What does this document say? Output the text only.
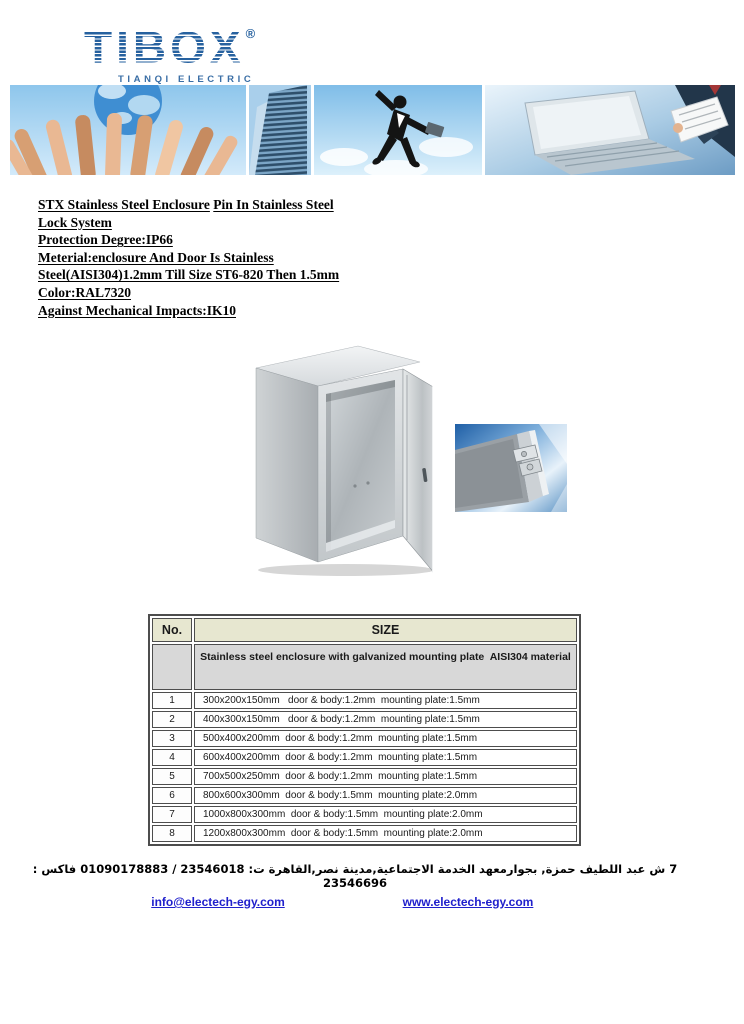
TIBOX ®
TIANQI ELECTRIC
STX Stainless Steel Enclosure Pin In Stainless Steel
Lock System
Protection Degree:IP66
Meterial:enclosure And Door Is Stainless
Steel(AISI304)1.2mm Till Size ST6-820 Then 1.5mm
Color:RAL7320
Against Mechanical Impacts:IK10
No.	SIZE
	Stainless steel enclosure with galvanized mounting plate  AISI304 material
1	300x200x150mm   door & body:1.2mm  mounting plate:1.5mm
2	400x300x150mm   door & body:1.2mm  mounting plate:1.5mm
3	500x400x200mm  door & body:1.2mm  mounting plate:1.5mm
4	600x400x200mm  door & body:1.2mm  mounting plate:1.5mm
5	700x500x250mm  door & body:1.2mm  mounting plate:1.5mm
6	800x600x300mm  door & body:1.5mm  mounting plate:2.0mm
7	1000x800x300mm  door & body:1.5mm  mounting plate:2.0mm
8	1200x800x300mm  door & body:1.5mm  mounting plate:2.0mm
7 ش عبد اللطيف حمزة, بجوارمعهد الخدمة الاجتماعية,مدينة نصر,القاهرة ت: 01090178883 / 23546018 فاكس : 23546696
info@electech-egy.com	www.electech-egy.com
